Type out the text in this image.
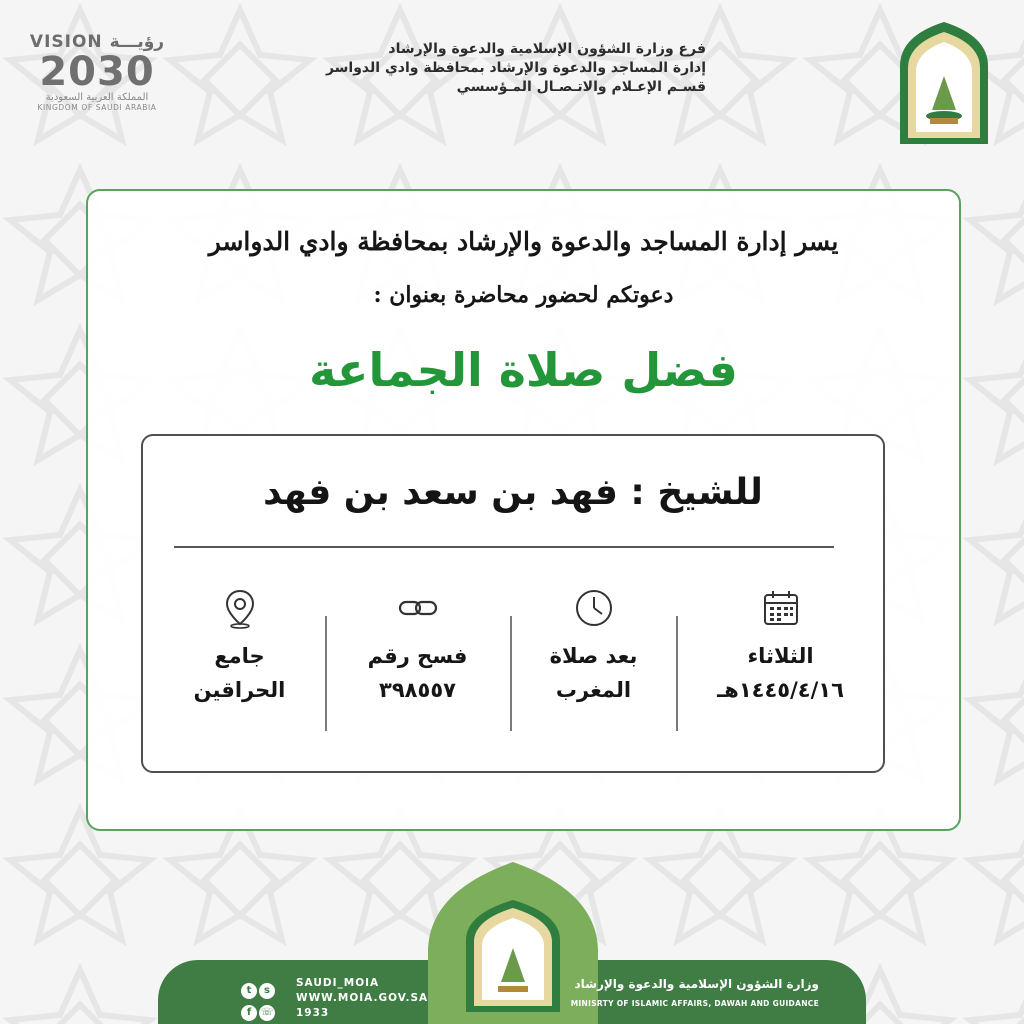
VISION رؤيـــة
2030
المملكة العربية السعودية
KINGDOM OF SAUDI ARABIA
فرع وزارة الشؤون الإسلامية والدعوة والإرشاد
إدارة المساجد والدعوة والإرشاد بمحافظة وادي الدواسر
قسـم الإعـلام والاتـصـال المـؤسسي
يسر إدارة المساجد والدعوة والإرشاد بمحافظة وادي الدواسر
دعوتكم لحضور محاضرة بعنوان :
فضل صلاة الجماعة
للشيخ : فهد بن سعد بن فهد
جامع
الحراقين
فسح رقم
٣٩٨٥٥٧
بعد صلاة
المغرب
الثلاثاء
١٤٤٥/٤/١٦هـ
t s f ☏
SAUDI_MOIA
WWW.MOIA.GOV.SA
1933
وزارة الشؤون الإسلامية والدعوة والإرشاد
MINISRTY OF ISLAMIC AFFAIRS, DAWAH AND GUIDANCE
